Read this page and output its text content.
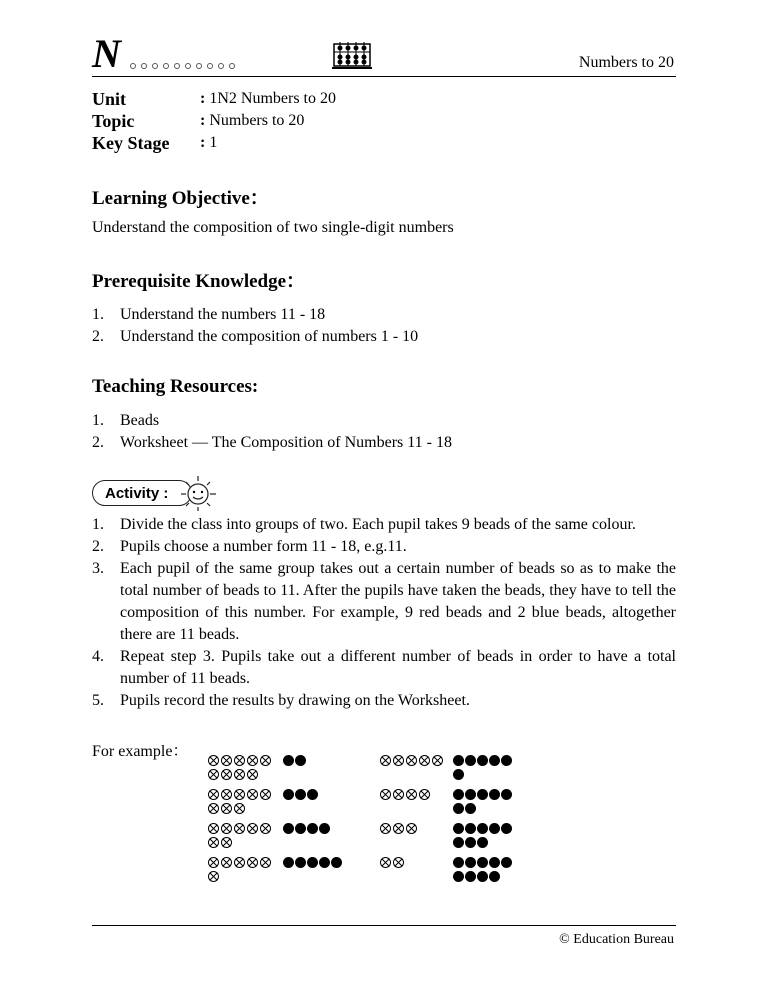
N	Numbers to 20
Unit	: 1N2 Numbers to 20
Topic	: Numbers to 20
Key Stage	: 1
Learning Objective：
Understand the composition of two single-digit numbers
Prerequisite Knowledge：
1.	Understand the numbers 11 - 18
2.	Understand the composition of numbers 1 - 10
Teaching Resources:
1.	Beads
2.	Worksheet — The Composition of Numbers 11 - 18
Activity :
1.	Divide the class into groups of two. Each pupil takes 9 beads of the same colour.
2.	Pupils choose a number form 11 - 18, e.g.11.
3.	Each pupil of the same group takes out a certain number of beads so as to make the total number of beads to 11. After the pupils have taken the beads, they have to tell the composition of this number. For example, 9 red beads and 2 blue beads, altogether there are 11 beads.
4.	Repeat step 3. Pupils take out a different number of beads in order to have a total number of 11 beads.
5.	Pupils record the results by drawing on the Worksheet.
For example：
© Education Bureau
